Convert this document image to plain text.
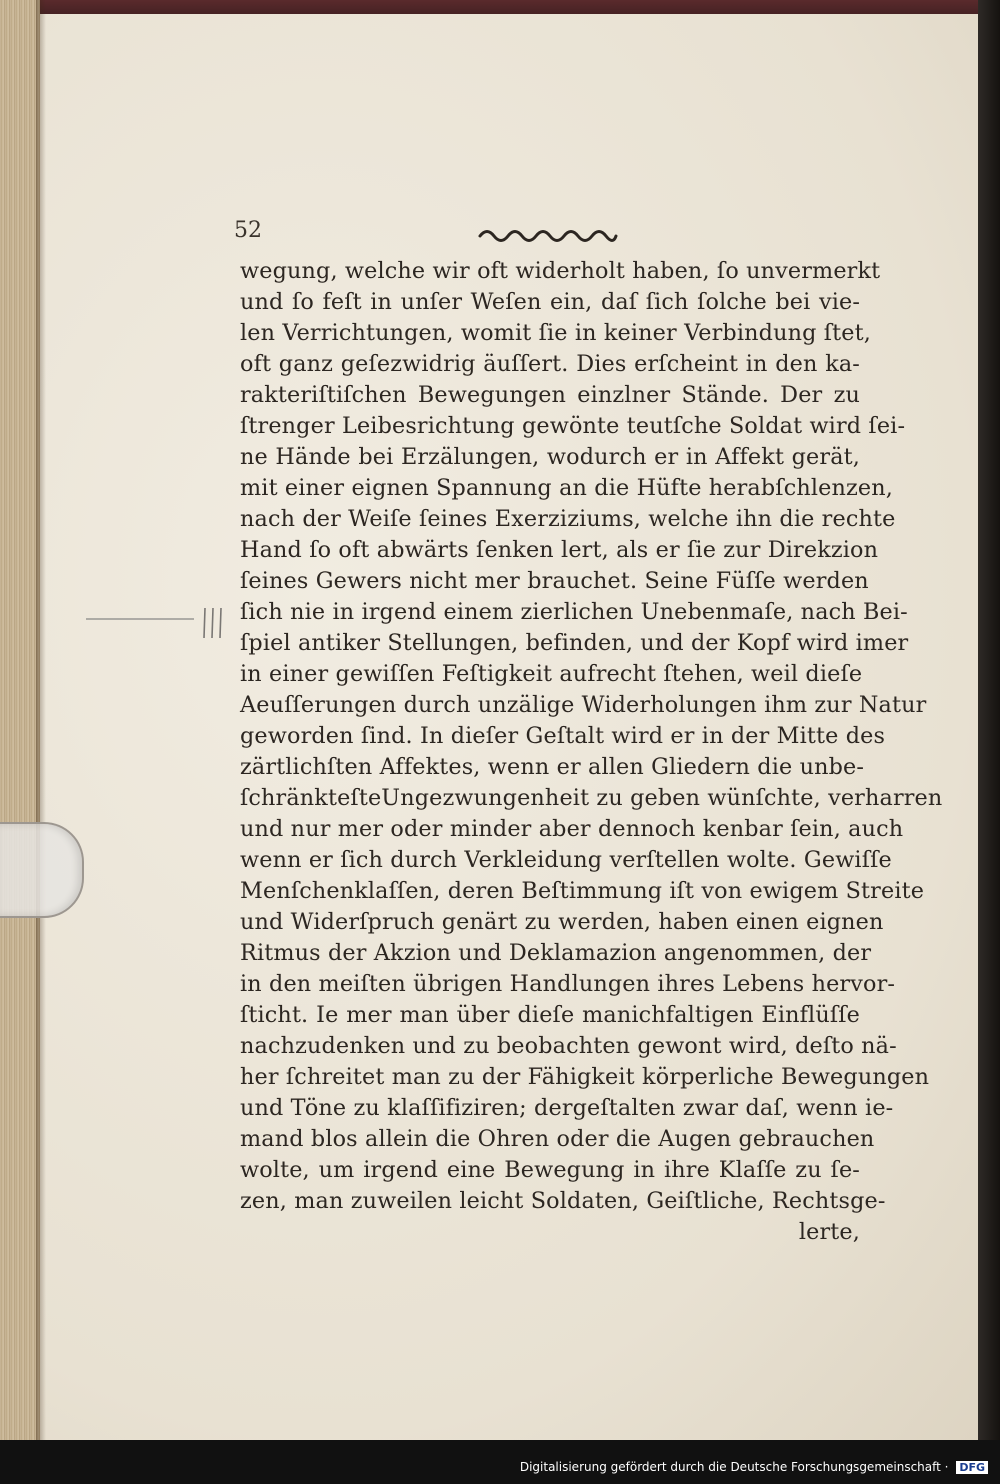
52
wegung, welche wir oft widerholt haben, ſo unvermerkt
und ſo feſt in unſer Weſen ein, daſ ſich ſolche bei vie-
len Verrichtungen, womit ſie in keiner Verbindung ſtet,
oft ganz geſezwidrig äuſſert. Dies erſcheint in den ka-
rakteriſtiſchen Bewegungen einzlner Stände. Der zu
ſtrenger Leibesrichtung gewönte teutſche Soldat wird ſei-
ne Hände bei Erzälungen, wodurch er in Affekt gerät,
mit einer eignen Spannung an die Hüfte herabſchlenzen,
nach der Weiſe ſeines Exerziziums, welche ihn die rechte
Hand ſo oft abwärts ſenken lert, als er ſie zur Direkzion
ſeines Gewers nicht mer brauchet. Seine Füſſe werden
ſich nie in irgend einem zierlichen Unebenmaſe, nach Bei-
ſpiel antiker Stellungen, befinden, und der Kopf wird imer
in einer gewiſſen Feſtigkeit aufrecht ſtehen, weil dieſe
Aeuſſerungen durch unzälige Widerholungen ihm zur Natur
geworden ſind. In dieſer Geſtalt wird er in der Mitte des
zärtlichſten Affektes, wenn er allen Gliedern die unbe-
ſchränkteſteUngezwungenheit zu geben wünſchte, verharren
und nur mer oder minder aber dennoch kenbar ſein, auch
wenn er ſich durch Verkleidung verſtellen wolte. Gewiſſe
Menſchenklaſſen, deren Beſtimmung iſt von ewigem Streite
und Widerſpruch genärt zu werden, haben einen eignen
Ritmus der Akzion und Deklamazion angenommen, der
in den meiſten übrigen Handlungen ihres Lebens hervor-
ſticht. Ie mer man über dieſe manichfaltigen Einflüſſe
nachzudenken und zu beobachten gewont wird, deſto nä-
her ſchreitet man zu der Fähigkeit körperliche Bewegungen
und Töne zu klaſſifiziren; dergeſtalten zwar daſ, wenn ie-
mand blos allein die Ohren oder die Augen gebrauchen
wolte, um irgend eine Bewegung in ihre Klaſſe zu ſe-
zen, man zuweilen leicht Soldaten, Geiſtliche, Rechtsge-
lerte,
Digitalisierung gefördert durch die Deutsche Forschungsgemeinschaft · DFG
